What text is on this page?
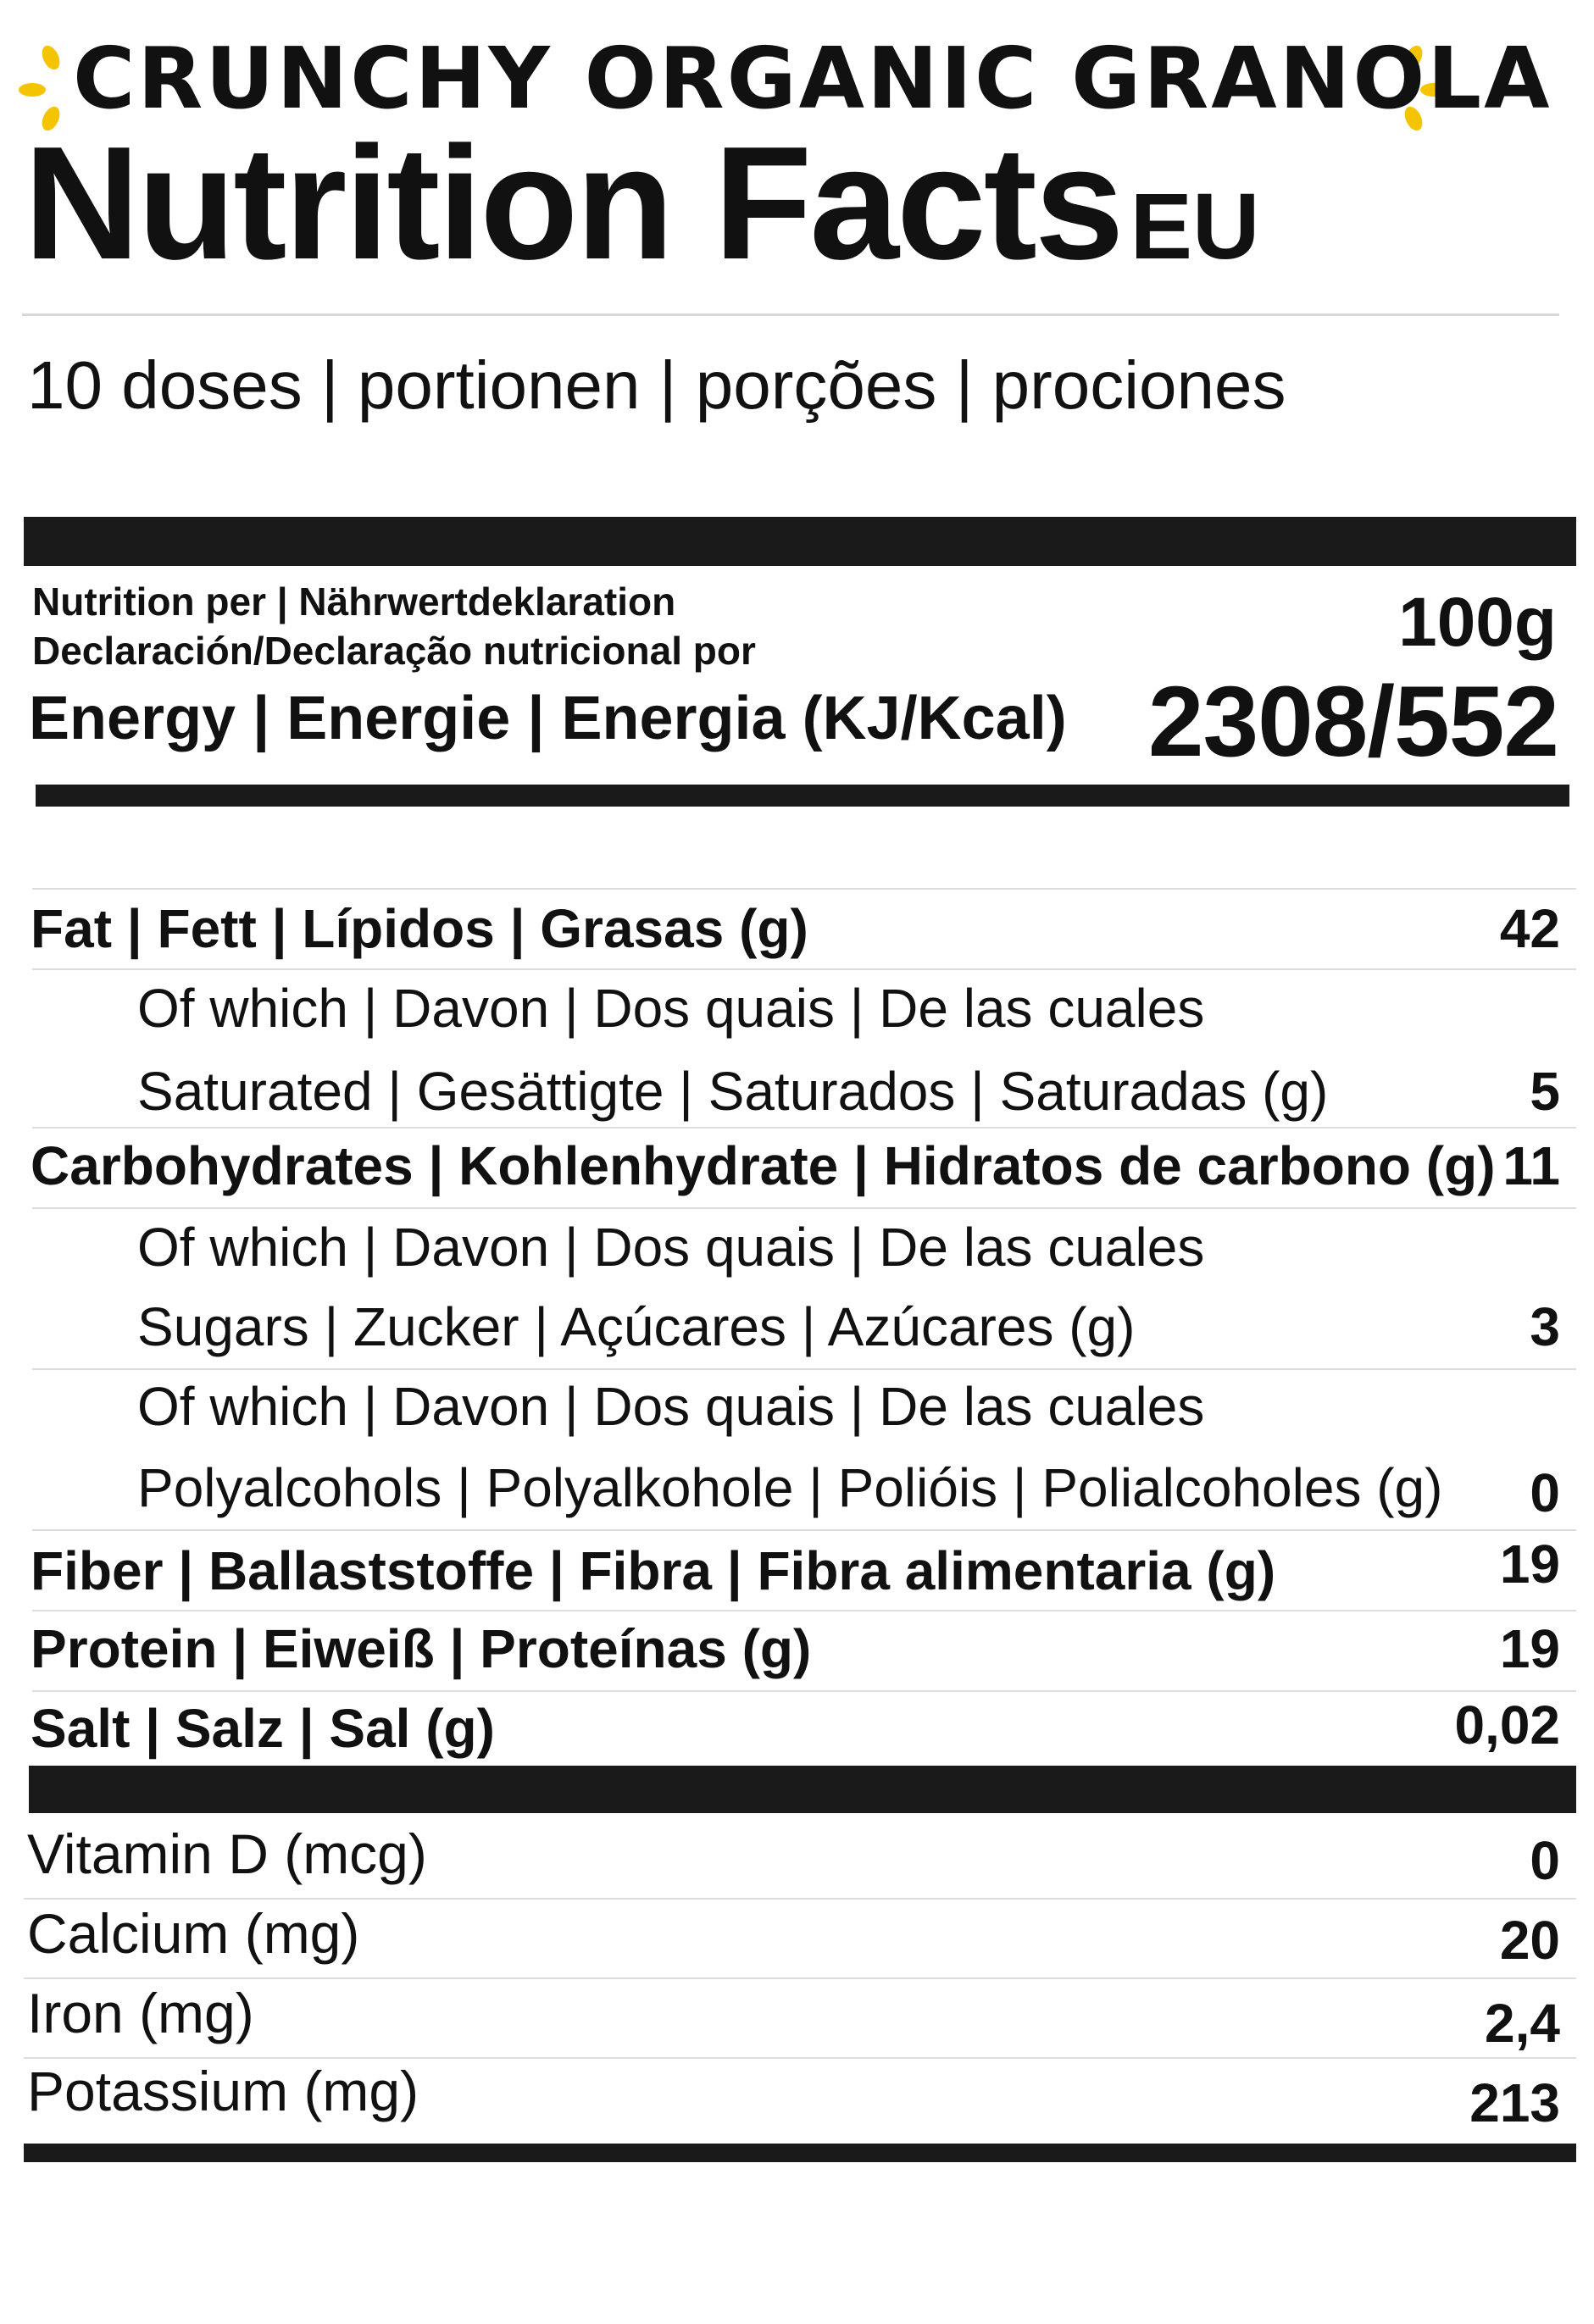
CRUNCHY ORGANIC GRANOLA
Nutrition FactsEU
10 doses | portionen | porções | prociones
Nutrition per | Nährwertdeklaration
Declaración/Declaração nutricional por	100g
Energy | Energie | Energia (KJ/Kcal) 2308/552
Fat | Fett | Lípidos | Grasas (g)	42
Of which | Davon | Dos quais | De las cuales
Saturated | Gesättigte | Saturados | Saturadas (g)	5
Carbohydrates | Kohlenhydrate | Hidratos de carbono (g) 11
Of which | Davon | Dos quais | De las cuales
Sugars | Zucker | Açúcares | Azúcares (g)	3
Of which | Davon | Dos quais | De las cuales
Polyalcohols | Polyalkohole | Polióis | Polialcoholes (g) 0
Fiber | Ballaststoffe | Fibra | Fibra alimentaria (g)	19
Protein | Eiweiß | Proteínas (g)	19
Salt | Salz | Sal (g)	0,02
Vitamin D (mcg)	0
Calcium (mg)	20
Iron (mg)	2,4
Potassium (mg)	213
